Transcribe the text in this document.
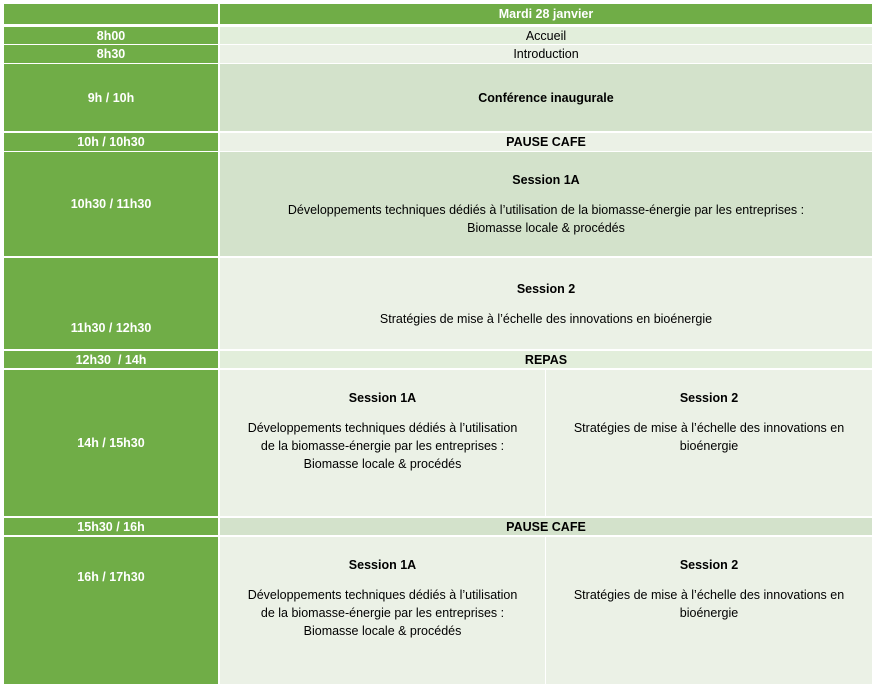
Mardi 28 janvier
8h00	Accueil
8h30	Introduction
9h / 10h	Conférence inaugurale
10h / 10h30	PAUSE CAFE
10h30 / 11h30
Session 1A
Développements techniques dédiés à l’utilisation de la biomasse-énergie par les entreprises :
Biomasse locale & procédés
11h30 / 12h30
Session 2
Stratégies de mise à l’échelle des innovations en bioénergie
12h30  / 14h	REPAS
14h / 15h30
Session 1A
Développements techniques dédiés à l’utilisation
de la biomasse-énergie par les entreprises :
Biomasse locale & procédés
Session 2
Stratégies de mise à l’échelle des innovations en
bioénergie
15h30 / 16h	PAUSE CAFE
16h / 17h30
Session 1A
Développements techniques dédiés à l’utilisation
de la biomasse-énergie par les entreprises :
Biomasse locale & procédés
Session 2
Stratégies de mise à l’échelle des innovations en
bioénergie
